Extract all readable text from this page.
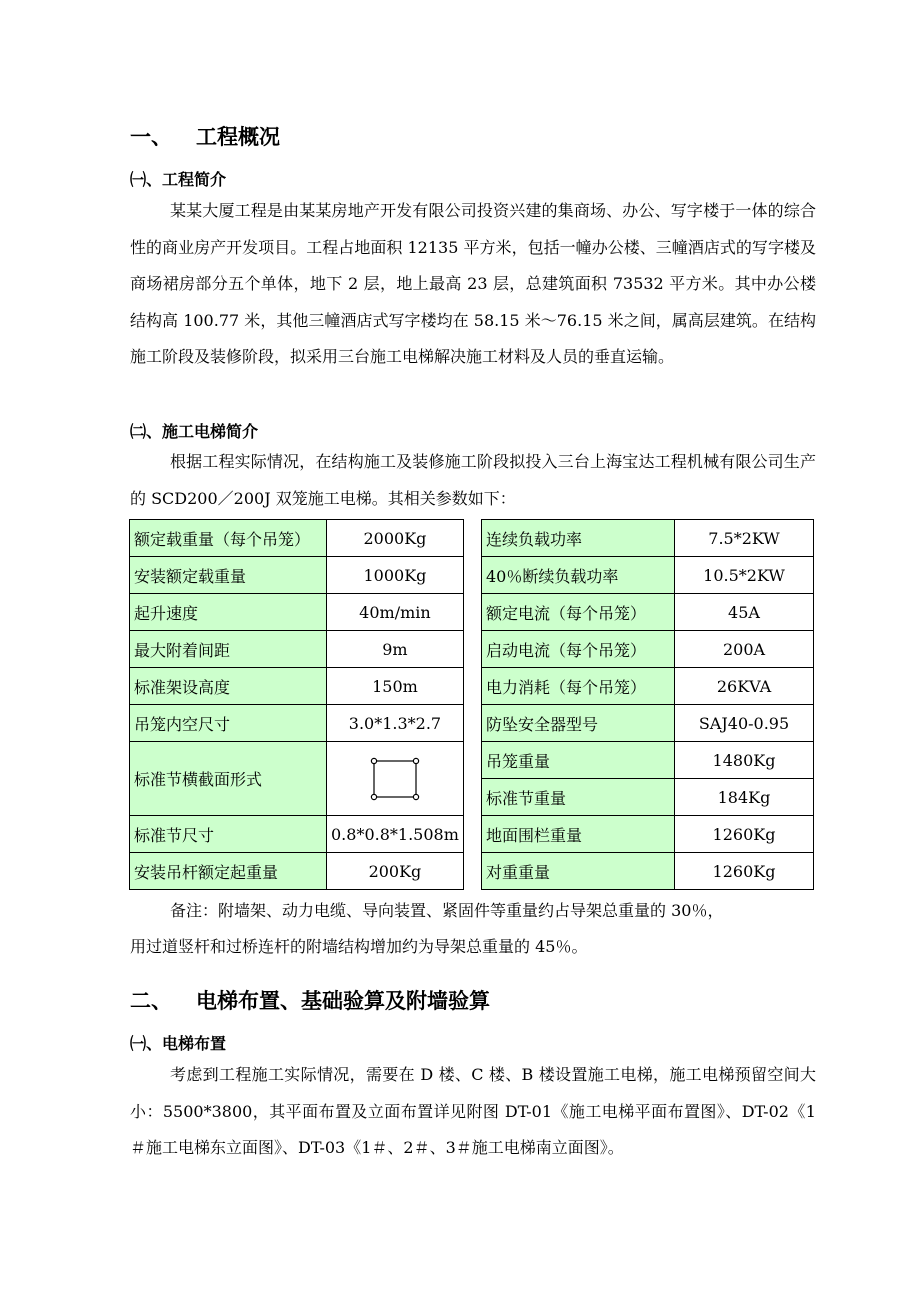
一、 工程概况
㈠、工程简介
某某大厦工程是由某某房地产开发有限公司投资兴建的集商场、办公、写字楼于一体的综合性的商业房产开发项目。工程占地面积 12135 平方米，包括一幢办公楼、三幢酒店式的写字楼及商场裙房部分五个单体，地下 2 层，地上最高 23 层，总建筑面积 73532 平方米。其中办公楼结构高 100.77 米，其他三幢酒店式写字楼均在 58.15 米～76.15 米之间，属高层建筑。在结构施工阶段及装修阶段，拟采用三台施工电梯解决施工材料及人员的垂直运输。
㈡、施工电梯简介
根据工程实际情况，在结构施工及装修施工阶段拟投入三台上海宝达工程机械有限公司生产的 SCD200／200J 双笼施工电梯。其相关参数如下：
额定载重量（每个吊笼）	2000Kg
安装额定载重量	1000Kg
起升速度	40m/min
最大附着间距	9m
标准架设高度	150m
吊笼内空尺寸	3.0*1.3*2.7
标准节横截面形式	

标准节尺寸	0.8*0.8*1.508m
安装吊杆额定起重量	200Kg
连续负载功率	7.5*2KW
40％断续负载功率	10.5*2KW
额定电流（每个吊笼）	45A
启动电流（每个吊笼）	200A
电力消耗（每个吊笼）	26KVA
防坠安全器型号	SAJ40-0.95
吊笼重量	1480Kg
标准节重量	184Kg
地面围栏重量	1260Kg
对重重量	1260Kg
备注：附墙架、动力电缆、导向装置、紧固件等重量约占导架总重量的 30％，
用过道竖杆和过桥连杆的附墙结构增加约为导架总重量的 45％。
二、 电梯布置、基础验算及附墙验算
㈠、电梯布置
考虑到工程施工实际情况，需要在 D 楼、C 楼、B 楼设置施工电梯，施工电梯预留空间大小：5500*3800，其平面布置及立面布置详见附图 DT-01《施工电梯平面布置图》、DT-02《1＃施工电梯东立面图》、DT-03《1＃、2＃、3＃施工电梯南立面图》。
